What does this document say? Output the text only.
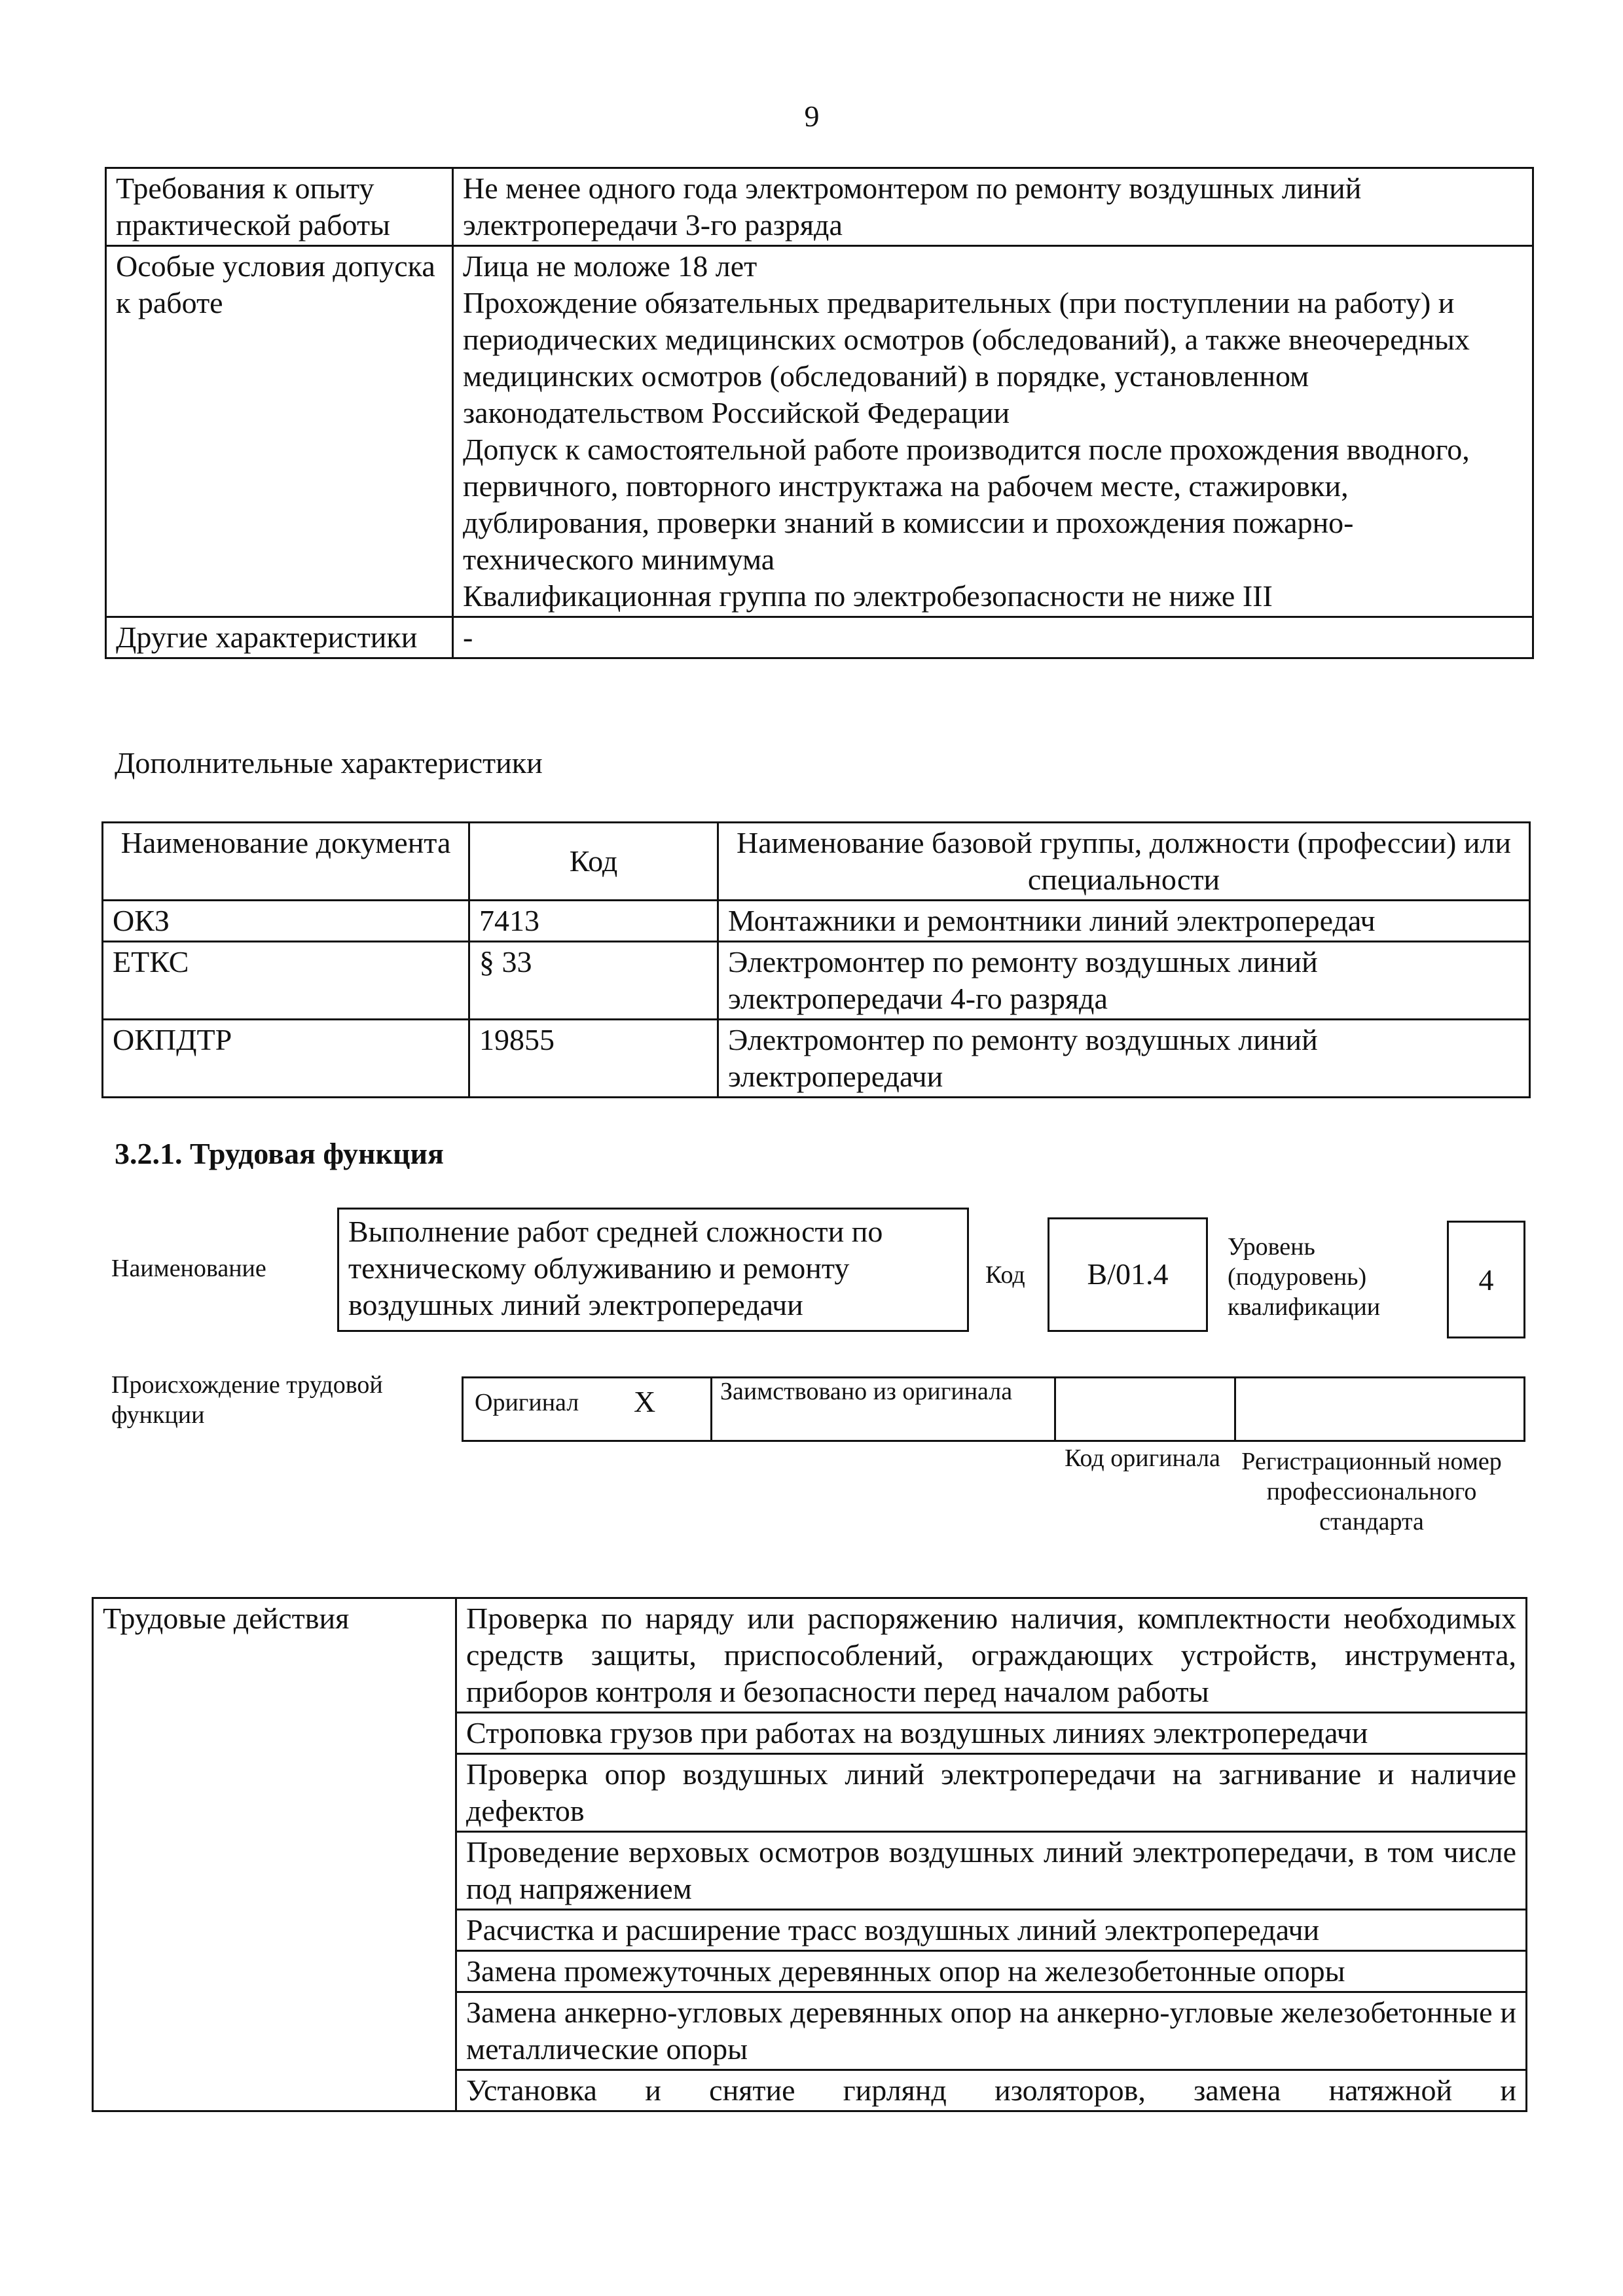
9
Требования к опыту практической работы	Не менее одного года электромонтером по ремонту воздушных линий электропередачи 3-го разряда

Особые условия допуска к работе	Лица не моложе 18 лет
Прохождение обязательных предварительных (при поступлении на работу) и периодических медицинских осмотров (обследований), а также внеочередных медицинских осмотров (обследований) в порядке, установленном законодательством Российской Федерации
Допуск к самостоятельной работе производится после прохождения вводного, первичного, повторного инструктажа на рабочем месте, стажировки, дублирования, проверки знаний в комиссии и прохождения пожарно-технического минимума
Квалификационная группа по электробезопасности не ниже III

Другие характеристики	-
Дополнительные характеристики
Наименование документа	Код	Наименование базовой группы, должности (профессии) или специальности
ОКЗ	7413	Монтажники и ремонтники линий электропередач
ЕТКС	§ 33	Электромонтер по ремонту воздушных линий электропередачи 4-го разряда
ОКПДТР	19855	Электромонтер по ремонту воздушных линий электропередачи
3.2.1. Трудовая функция
Наименование
Выполнение работ средней сложности по техническому облуживанию и ремонту воздушных линий электропередачи
Код	В/01.4
Уровень (подуровень) квалификации
4
Происхождение трудовой функции	Оригинал Х	Заимствовано из оригинала
Код оригинала Регистрационный номер профессионального стандарта
Трудовые действия	Проверка по наряду или распоряжению наличия, комплектности необходимых средств защиты, приспособлений, ограждающих устройств, инструмента, приборов контроля и безопасности перед началом работы
Строповка грузов при работах на воздушных линиях электропередачи
Проверка опор воздушных линий электропередачи на загнивание и наличие дефектов
Проведение верховых осмотров воздушных линий электропередачи, в том числе под напряжением
Расчистка и расширение трасс воздушных линий электропередачи
Замена промежуточных деревянных опор на железобетонные опоры
Замена анкерно-угловых деревянных опор на анкерно-угловые железобетонные и металлические опоры
Установка и снятие гирлянд изоляторов, замена натяжной и
